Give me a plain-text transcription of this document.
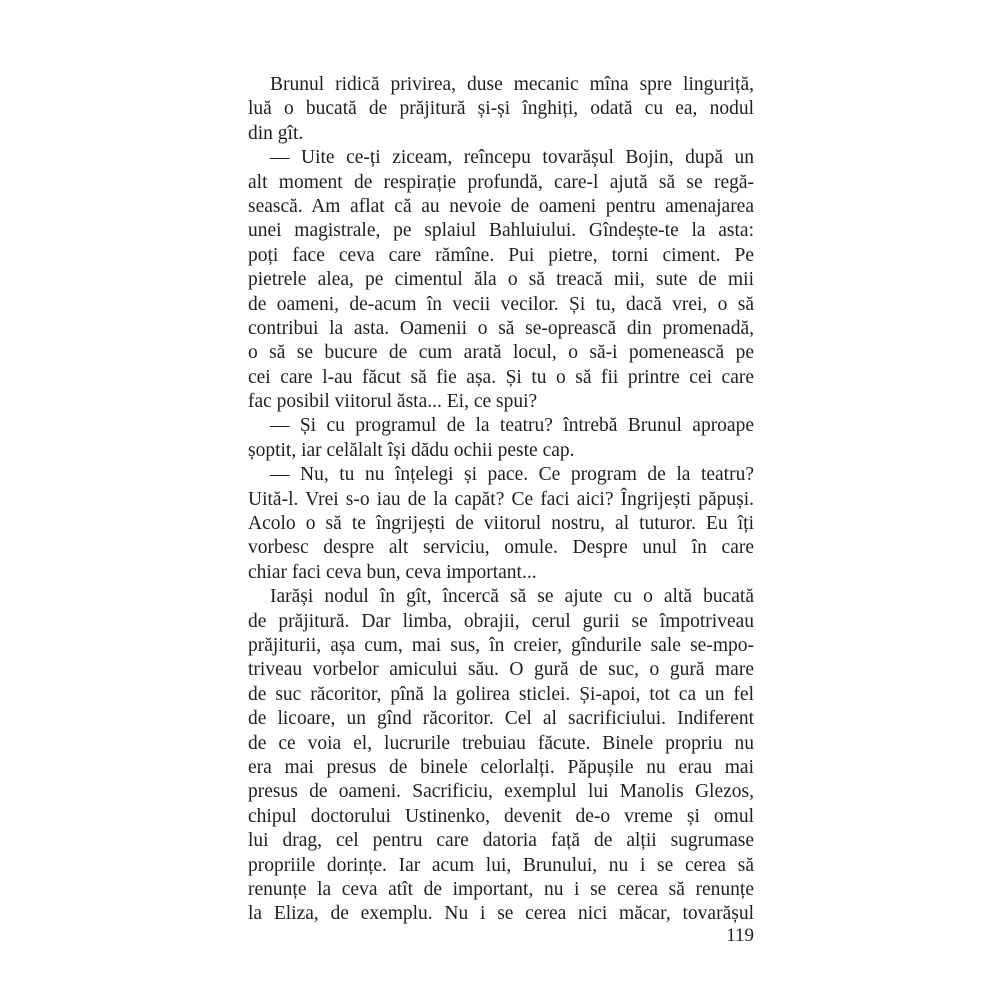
Brunul ridică privirea, duse mecanic mîna spre linguriță,
luă o bucată de prăjitură și-și înghiți, odată cu ea, nodul
din gît.
— Uite ce-ți ziceam, reîncepu tovarășul Bojin, după un
alt moment de respirație profundă, care-l ajută să se regă-
sească. Am aflat că au nevoie de oameni pentru amenajarea
unei magistrale, pe splaiul Bahluiului. Gîndește-te la asta:
poți face ceva care rămîne. Pui pietre, torni ciment. Pe
pietrele alea, pe cimentul ăla o să treacă mii, sute de mii
de oameni, de-acum în vecii vecilor. Și tu, dacă vrei, o să
contribui la asta. Oamenii o să se-oprească din promenadă,
o să se bucure de cum arată locul, o să-i pomenească pe
cei care l-au făcut să fie așa. Și tu o să fii printre cei care
fac posibil viitorul ăsta... Ei, ce spui?
— Și cu programul de la teatru? întrebă Brunul aproape
șoptit, iar celălalt își dădu ochii peste cap.
— Nu, tu nu înțelegi și pace. Ce program de la teatru?
Uită-l. Vrei s-o iau de la capăt? Ce faci aici? Îngrijești păpuși.
Acolo o să te îngrijești de viitorul nostru, al tuturor. Eu îți
vorbesc despre alt serviciu, omule. Despre unul în care
chiar faci ceva bun, ceva important...
Iarăși nodul în gît, încercă să se ajute cu o altă bucată
de prăjitură. Dar limba, obrajii, cerul gurii se împotriveau
prăjiturii, așa cum, mai sus, în creier, gîndurile sale se-mpo-
triveau vorbelor amicului său. O gură de suc, o gură mare
de suc răcoritor, pînă la golirea sticlei. Și-apoi, tot ca un fel
de licoare, un gînd răcoritor. Cel al sacrificiului. Indiferent
de ce voia el, lucrurile trebuiau făcute. Binele propriu nu
era mai presus de binele celorlalți. Păpușile nu erau mai
presus de oameni. Sacrificiu, exemplul lui Manolis Glezos,
chipul doctorului Ustinenko, devenit de-o vreme și omul
lui drag, cel pentru care datoria față de alții sugrumase
propriile dorințe. Iar acum lui, Brunului, nu i se cerea să
renunțe la ceva atît de important, nu i se cerea să renunțe
la Eliza, de exemplu. Nu i se cerea nici măcar, tovarășul
119
